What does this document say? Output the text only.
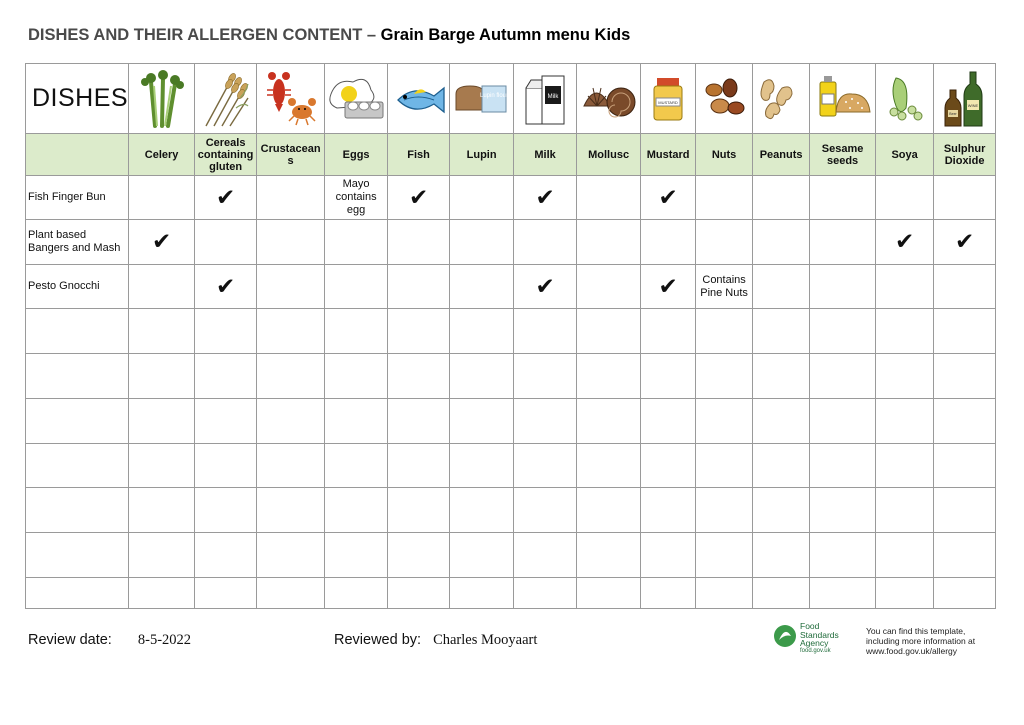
DISHES AND THEIR ALLERGEN CONTENT – Grain Barge Autumn menu Kids
DISHES						Lupin flour	Milk		MUSTARD					WINE
Beer

	Celery	Cereals containing gluten	Crustacean s	Eggs	Fish	Lupin	Milk	Mollusc	Mustard	Nuts	Peanuts	Sesame seeds	Soya	Sulphur Dioxide
Fish Finger Bun		✔		Mayo contains egg	✔		✔		✔					
Plant based Bangers and Mash	✔												✔	✔
Pesto Gnocchi		✔					✔		✔	Contains Pine Nuts				

Review date: 8-5-2022	Reviewed by: Charles Mooyaart
Food
Standards
Agency
food.gov.uk
You can find this template,
including more information at
www.food.gov.uk/allergy
